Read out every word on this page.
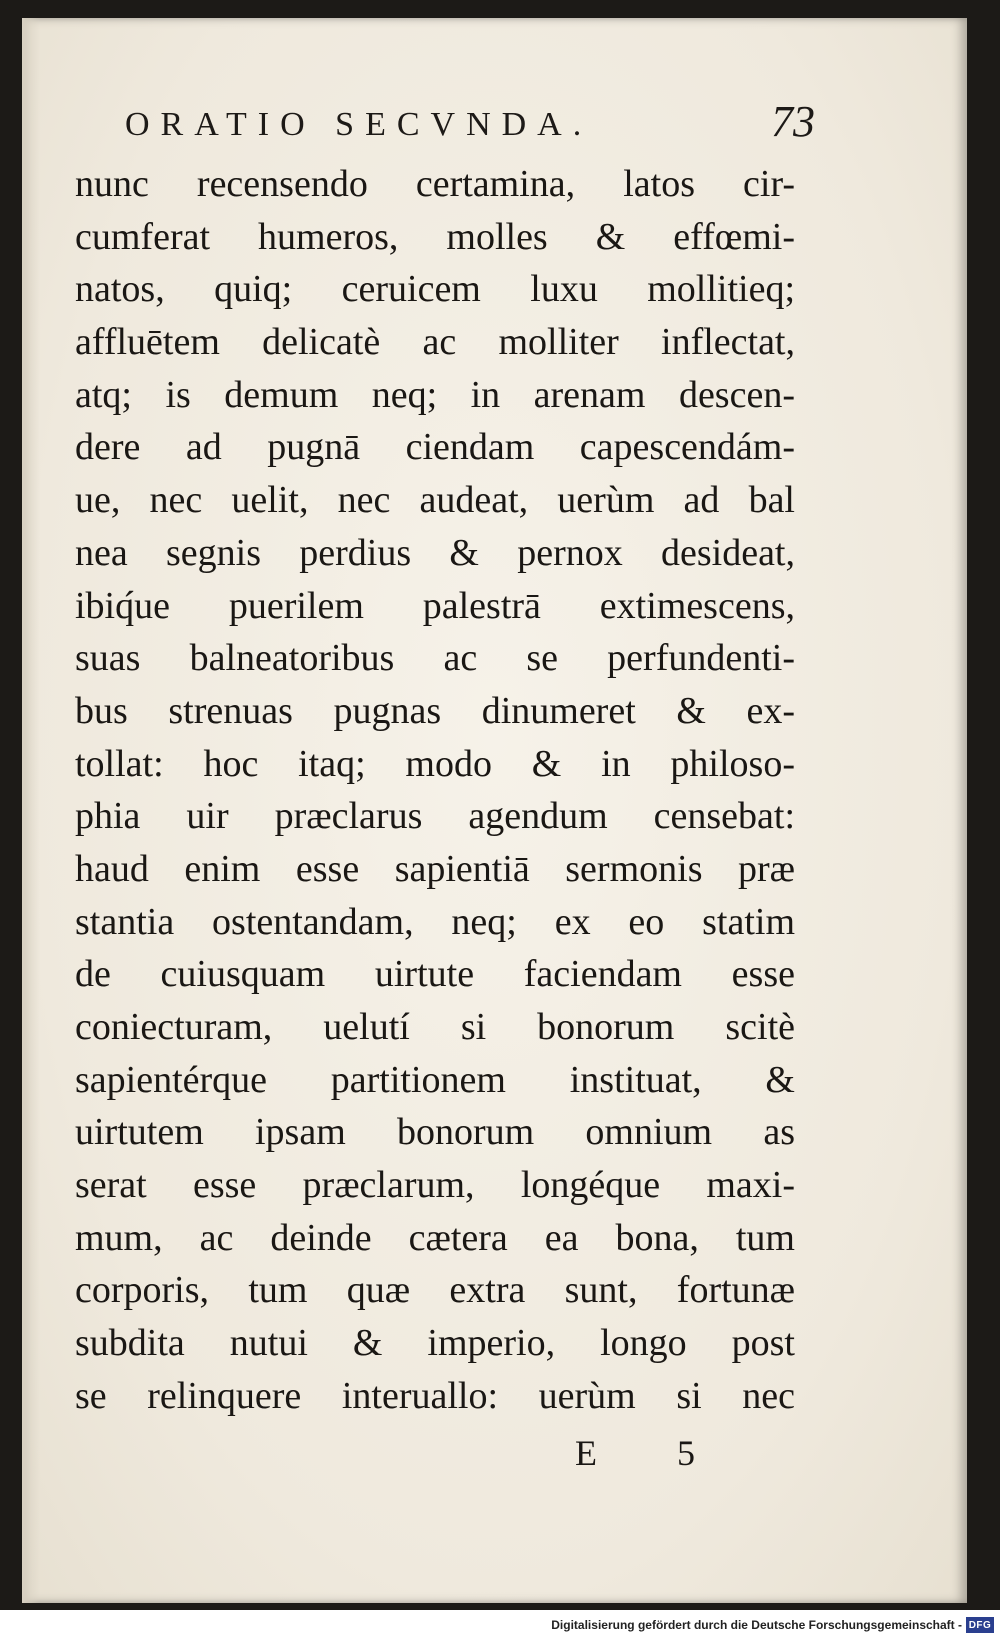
ORATIO SECVNDA.	73
nunc recensendo certamina, latos cir-
cumferat humeros, molles & effœmi-
natos, quiq; ceruicem luxu mollitieq;
affluētem delicatè ac molliter inflectat,
atq; is demum neq; in arenam descen-
dere ad pugnā ciendam capescendám-
ue, nec uelit, nec audeat, uerùm ad bal
nea segnis perdius & pernox desideat,
ibiq́ue puerilem palestrā extimescens,
suas balneatoribus ac se perfundenti-
bus strenuas pugnas dinumeret & ex-
tollat: hoc itaq; modo & in philoso-
phia uir præclarus agendum censebat:
haud enim esse sapientiā sermonis præ
stantia ostentandam, neq; ex eo statim
de cuiusquam uirtute faciendam esse
coniecturam, uelutí si bonorum scitè
sapientérque partitionem instituat, &
uirtutem ipsam bonorum omnium as
serat esse præclarum, longéque maxi-
mum, ac deinde cætera ea bona, tum
corporis, tum quæ extra sunt, fortunæ
subdita nutui & imperio, longo post
se relinquere interuallo: uerùm si nec
E 5
Digitalisierung gefördert durch die Deutsche Forschungsgemeinschaft - DFG
